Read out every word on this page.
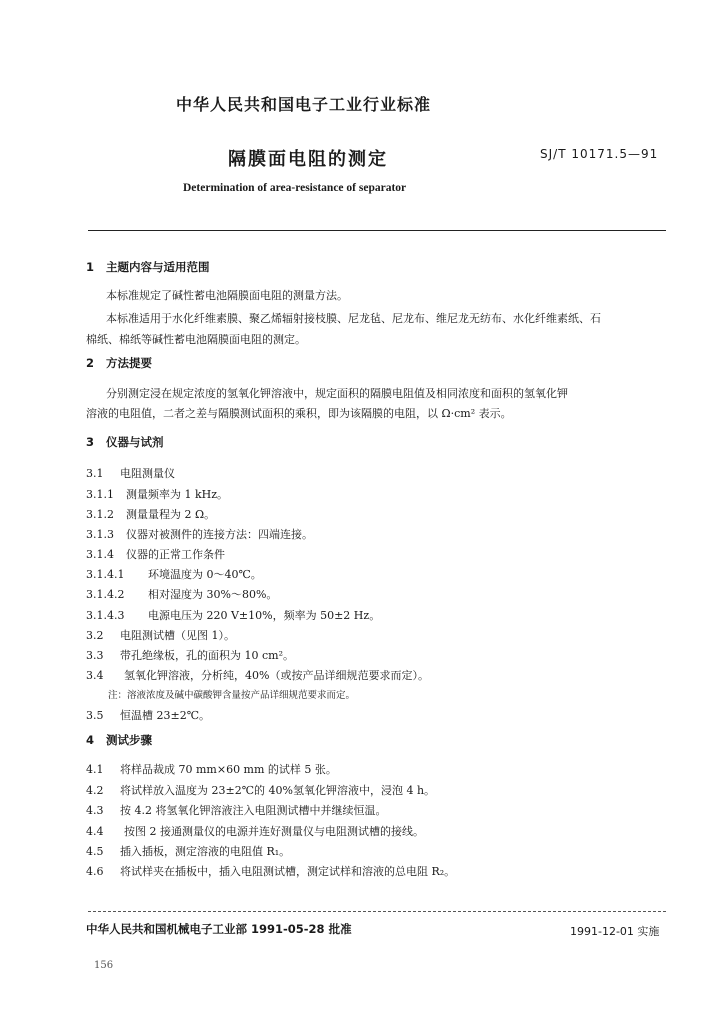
中华人民共和国电子工业行业标准
隔膜面电阻的测定	SJ/T 10171.5—91
Determination of area-resistance of separator
1 主题内容与适用范围
本标准规定了碱性蓄电池隔膜面电阻的测量方法。
本标准适用于水化纤维素膜、聚乙烯辐射接枝膜、尼龙毡、尼龙布、维尼龙无纺布、水化纤维素纸、石
棉纸、棉纸等碱性蓄电池隔膜面电阻的测定。
2 方法提要
分别测定浸在规定浓度的氢氧化钾溶液中，规定面积的隔膜电阻值及相同浓度和面积的氢氧化钾
溶液的电阻值，二者之差与隔膜测试面积的乘积，即为该隔膜的电阻，以 Ω·cm² 表示。
3 仪器与试剂
3.1 电阻测量仪
3.1.1 测量频率为 1 kHz。
3.1.2 测量量程为 2 Ω。
3.1.3 仪器对被测件的连接方法：四端连接。
3.1.4 仪器的正常工作条件
3.1.4.1 环境温度为 0～40℃。
3.1.4.2 相对湿度为 30%～80%。
3.1.4.3 电源电压为 220 V±10%，频率为 50±2 Hz。
3.2 电阻测试槽（见图 1）。
3.3 带孔绝缘板，孔的面积为 10 cm²。
3.4 氢氧化钾溶液，分析纯，40%（或按产品详细规范要求而定）。
注：溶液浓度及碱中碳酸钾含量按产品详细规范要求而定。
3.5 恒温槽 23±2℃。
4 测试步骤
4.1 将样品裁成 70 mm×60 mm 的试样 5 张。
4.2 将试样放入温度为 23±2℃的 40%氢氧化钾溶液中，浸泡 4 h。
4.3 按 4.2 将氢氧化钾溶液注入电阻测试槽中并继续恒温。
4.4 按图 2 接通测量仪的电源并连好测量仪与电阻测试槽的接线。
4.5 插入插板，测定溶液的电阻值 R₁。
4.6 将试样夹在插板中，插入电阻测试槽，测定试样和溶液的总电阻 R₂。
中华人民共和国机械电子工业部 1991-05-28 批准	1991-12-01 实施
156
